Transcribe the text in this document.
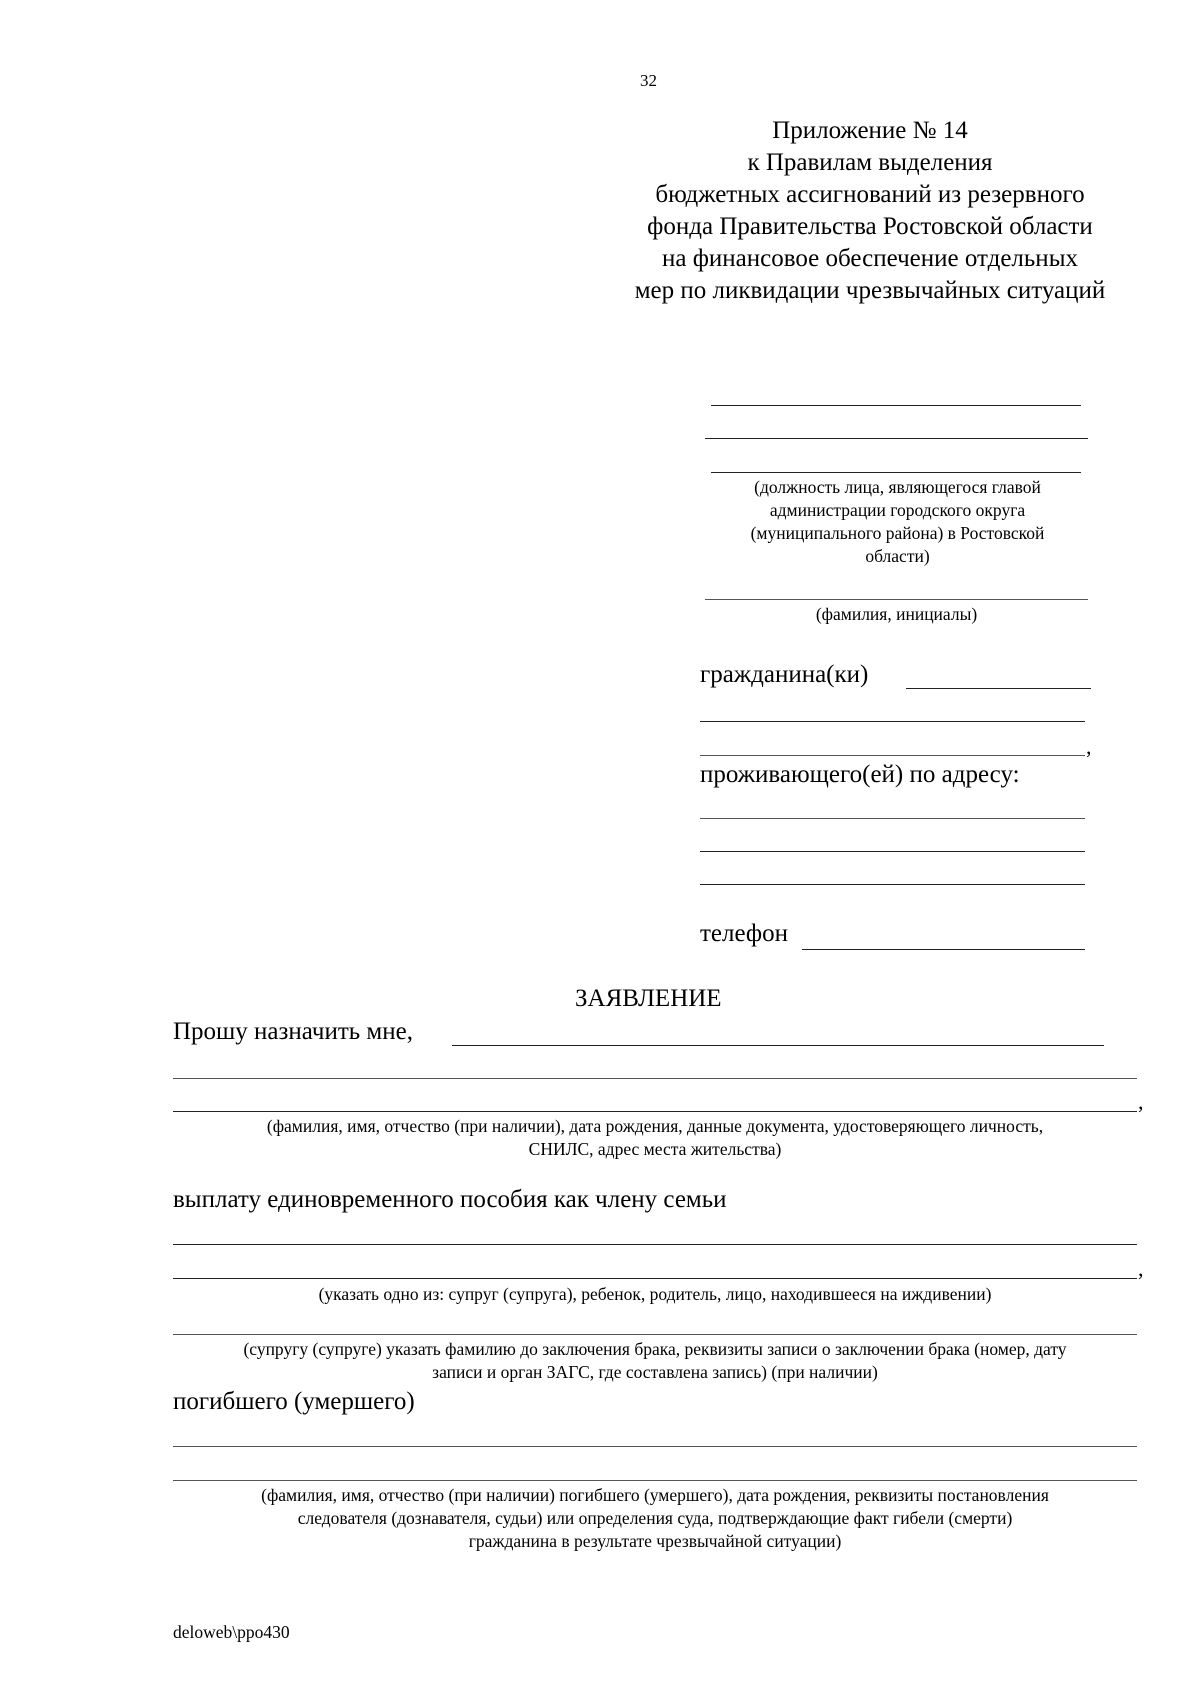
32
Приложение № 14
к Правилам выделения
бюджетных ассигнований из резервного
фонда Правительства Ростовской области
на финансовое обеспечение отдельных
мер по ликвидации чрезвычайных ситуаций
(должность лица, являющегося главой
администрации городского округа
(муниципального района) в Ростовской
области)
(фамилия, инициалы)
гражданина(ки)
,
проживающего(ей) по адресу:
телефон
ЗАЯВЛЕНИЕ
Прошу назначить мне,
,
(фамилия, имя, отчество (при наличии), дата рождения, данные документа, удостоверяющего личность,
СНИЛС, адрес места жительства)
выплату единовременного пособия как члену семьи
,
(указать одно из: супруг (супруга), ребенок, родитель, лицо, находившееся на иждивении)
(супругу (супруге) указать фамилию до заключения брака, реквизиты записи о заключении брака (номер, дату
записи и орган ЗАГС, где составлена запись) (при наличии)
погибшего (умершего)
(фамилия, имя, отчество (при наличии) погибшего (умершего), дата рождения, реквизиты постановления
следователя (дознавателя, судьи) или определения суда, подтверждающие факт гибели (смерти)
гражданина в результате чрезвычайной ситуации)
deloweb\ppo430
